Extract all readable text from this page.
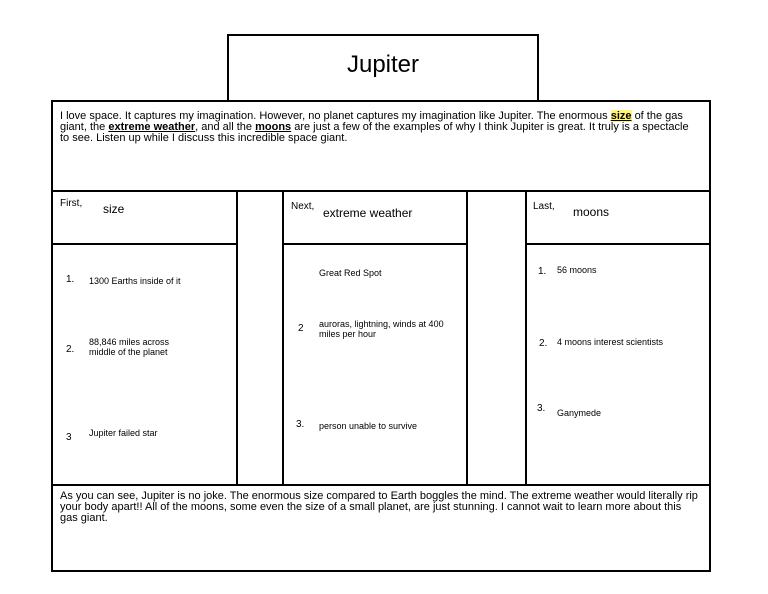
Jupiter
I love space. It captures my imagination. However, no planet captures my imagination like Jupiter. The enormous size of the gas giant, the extreme weather, and all the moons are just a few of the examples of why I think Jupiter is great. It truly is a spectacle to see. Listen up while I discuss this incredible space giant.
First, size	Next, extreme weather	Last, moons
1. 1300 Earths inside of it
2.
88,846 miles across middle of the planet
3 Jupiter failed star
Great Red Spot
2 auroras, lightning, winds at 400 miles per hour
3. person unable to survive
1. 56 moons
2. 4 moons interest scientists
3. Ganymede
As you can see, Jupiter is no joke. The enormous size compared to Earth boggles the mind. The extreme weather would literally rip your body apart!! All of the moons, some even the size of a small planet, are just stunning. I cannot wait to learn more about this gas giant.
